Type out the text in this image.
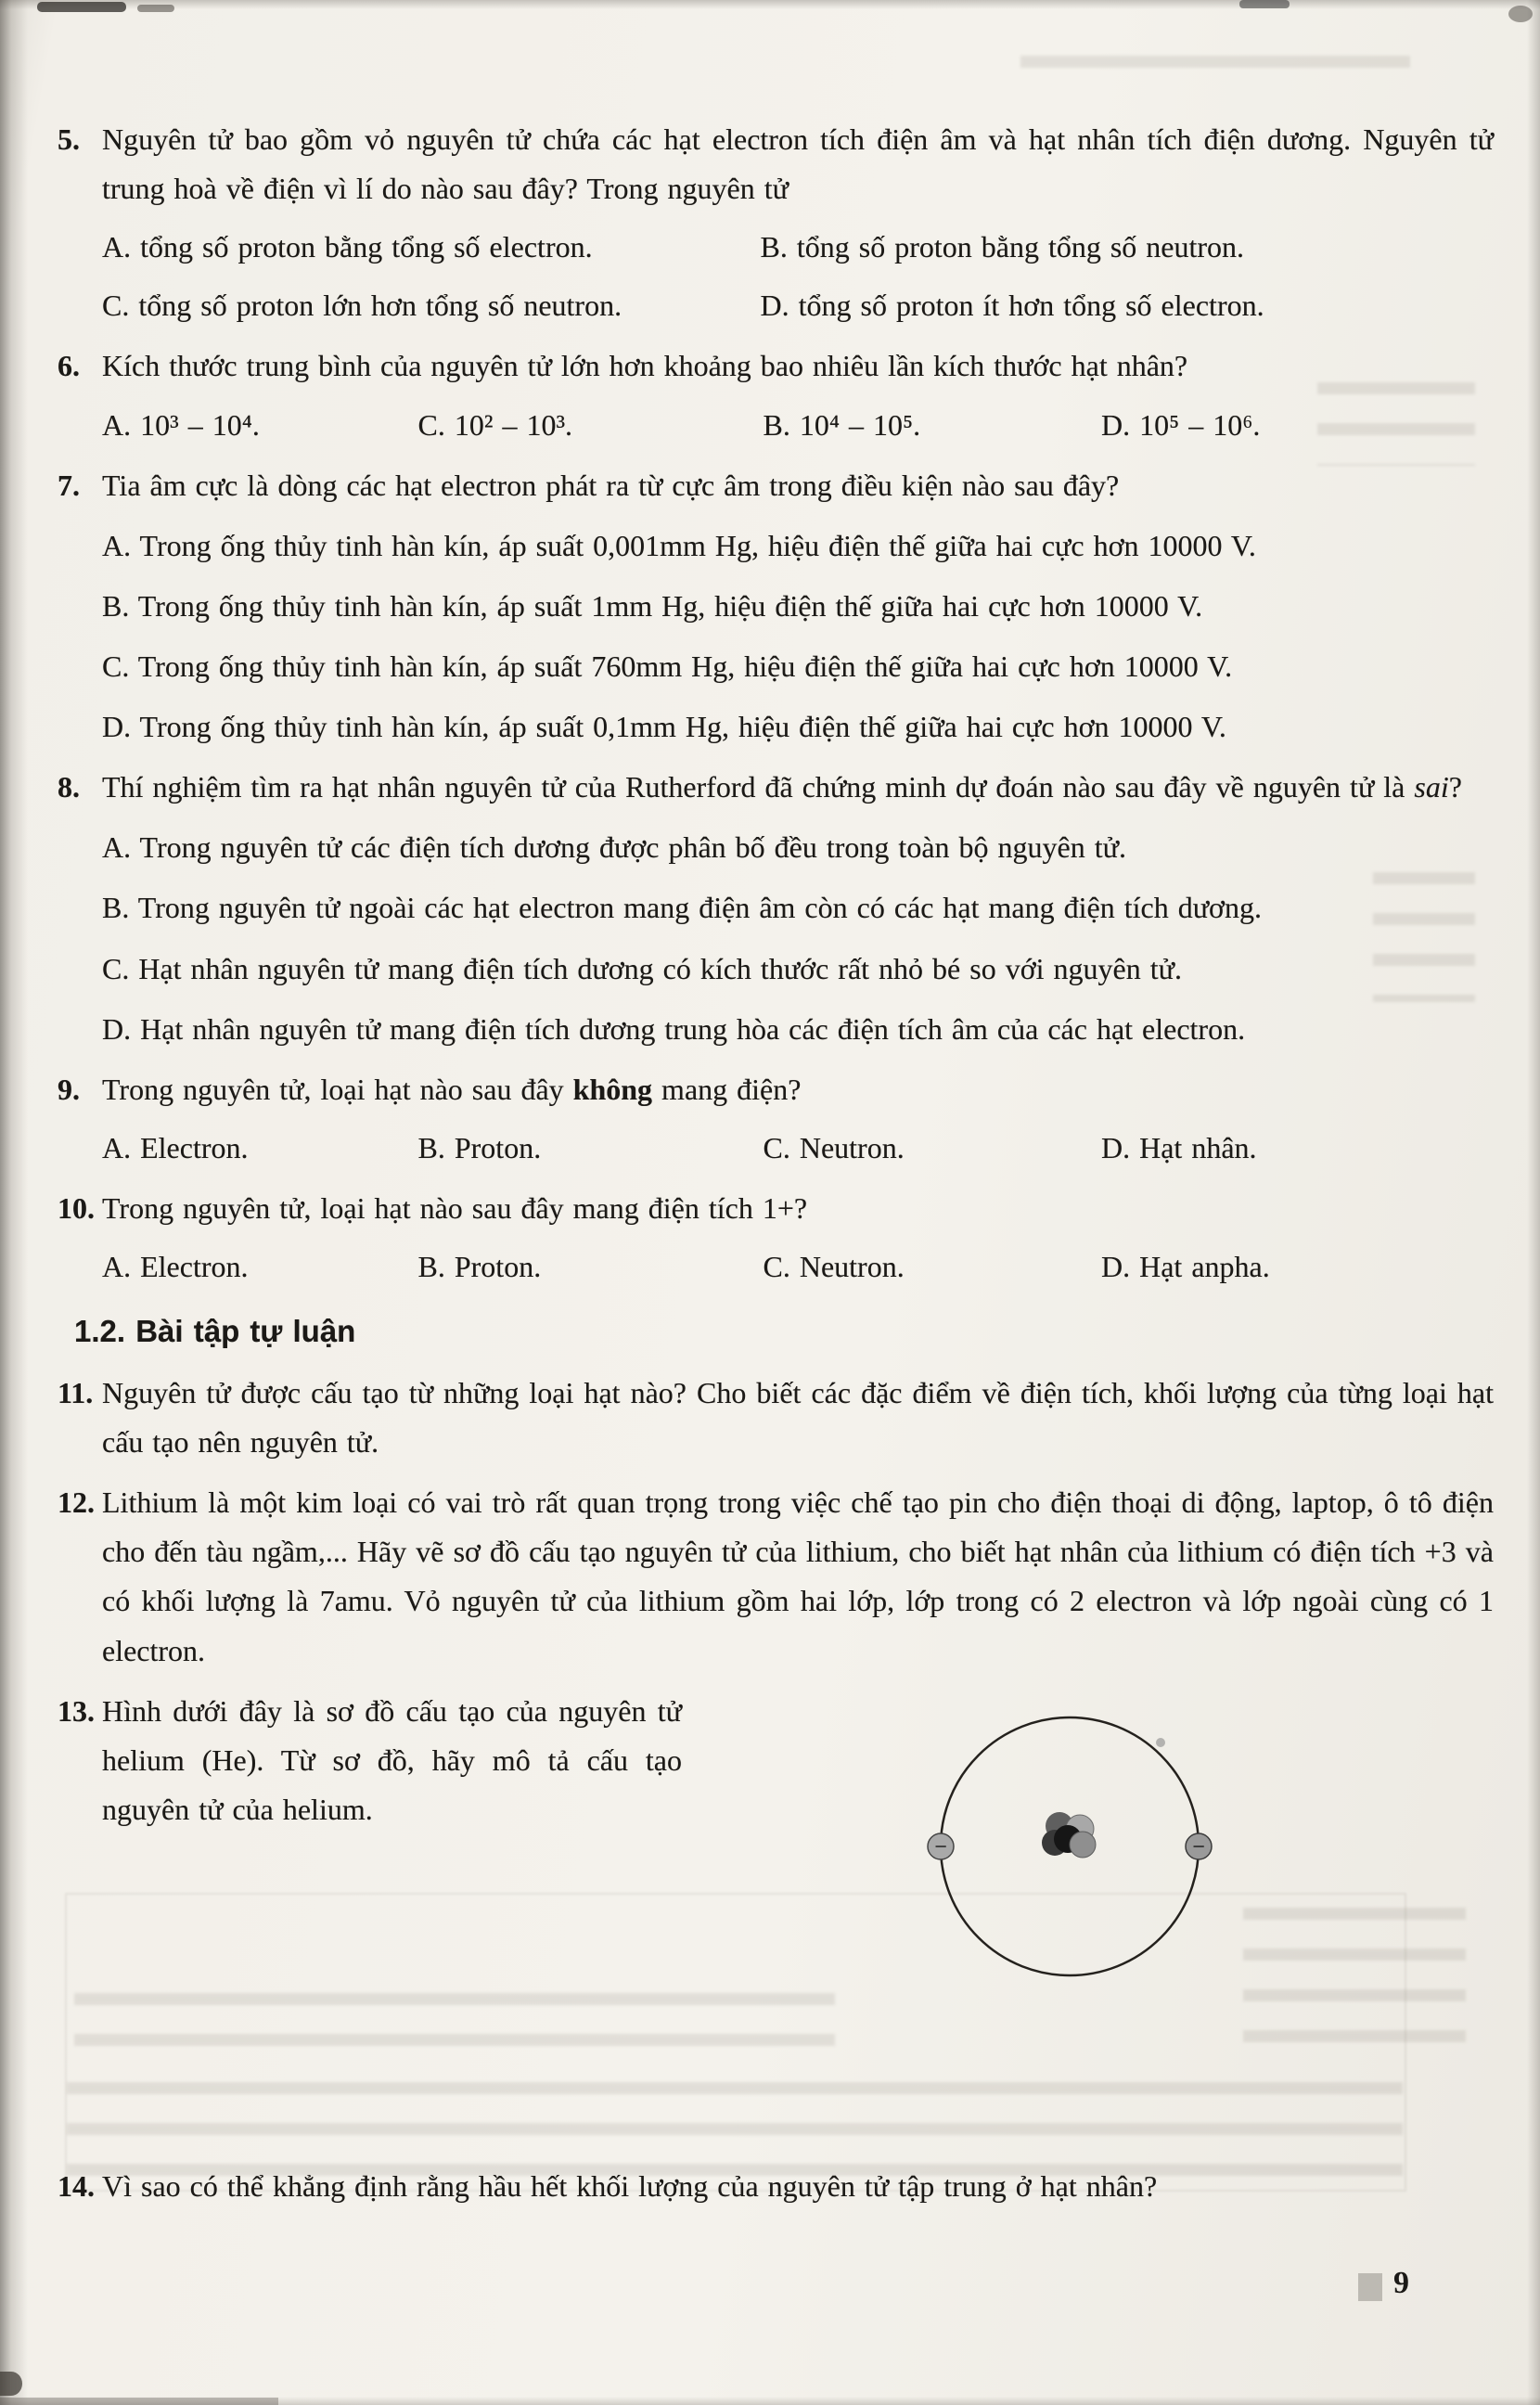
5. Nguyên tử bao gồm vỏ nguyên tử chứa các hạt electron tích điện âm và hạt nhân tích điện dương. Nguyên tử trung hoà về điện vì lí do nào sau đây? Trong nguyên tử
A. tổng số proton bằng tổng số electron.	B. tổng số proton bằng tổng số neutron.
C. tổng số proton lớn hơn tổng số neutron.	D. tổng số proton ít hơn tổng số electron.
6. Kích thước trung bình của nguyên tử lớn hơn khoảng bao nhiêu lần kích thước hạt nhân?
A. 10³ – 10⁴.	C. 10² – 10³.	B. 10⁴ – 10⁵.	D. 10⁵ – 10⁶.
7. Tia âm cực là dòng các hạt electron phát ra từ cực âm trong điều kiện nào sau đây?
A. Trong ống thủy tinh hàn kín, áp suất 0,001mm Hg, hiệu điện thế giữa hai cực hơn 10000 V.
B. Trong ống thủy tinh hàn kín, áp suất 1mm Hg, hiệu điện thế giữa hai cực hơn 10000 V.
C. Trong ống thủy tinh hàn kín, áp suất 760mm Hg, hiệu điện thế giữa hai cực hơn 10000 V.
D. Trong ống thủy tinh hàn kín, áp suất 0,1mm Hg, hiệu điện thế giữa hai cực hơn 10000 V.
8. Thí nghiệm tìm ra hạt nhân nguyên tử của Rutherford đã chứng minh dự đoán nào sau đây về nguyên tử là sai?
A. Trong nguyên tử các điện tích dương được phân bố đều trong toàn bộ nguyên tử.
B. Trong nguyên tử ngoài các hạt electron mang điện âm còn có các hạt mang điện tích dương.
C. Hạt nhân nguyên tử mang điện tích dương có kích thước rất nhỏ bé so với nguyên tử.
D. Hạt nhân nguyên tử mang điện tích dương trung hòa các điện tích âm của các hạt electron.
9. Trong nguyên tử, loại hạt nào sau đây không mang điện?
A. Electron.	B. Proton.	C. Neutron.	D. Hạt nhân.
10. Trong nguyên tử, loại hạt nào sau đây mang điện tích 1+?
A. Electron.	B. Proton.	C. Neutron.	D. Hạt anpha.
1.2. Bài tập tự luận
11. Nguyên tử được cấu tạo từ những loại hạt nào? Cho biết các đặc điểm về điện tích, khối lượng của từng loại hạt cấu tạo nên nguyên tử.
12. Lithium là một kim loại có vai trò rất quan trọng trong việc chế tạo pin cho điện thoại di động, laptop, ô tô điện cho đến tàu ngầm,... Hãy vẽ sơ đồ cấu tạo nguyên tử của lithium, cho biết hạt nhân của lithium có điện tích +3 và có khối lượng là 7amu. Vỏ nguyên tử của lithium gồm hai lớp, lớp trong có 2 electron và lớp ngoài cùng có 1 electron.
13. Hình dưới đây là sơ đồ cấu tạo của nguyên tử helium (He). Từ sơ đồ, hãy mô tả cấu tạo nguyên tử của helium.
−	−
14. Vì sao có thể khẳng định rằng hầu hết khối lượng của nguyên tử tập trung ở hạt nhân?
9
